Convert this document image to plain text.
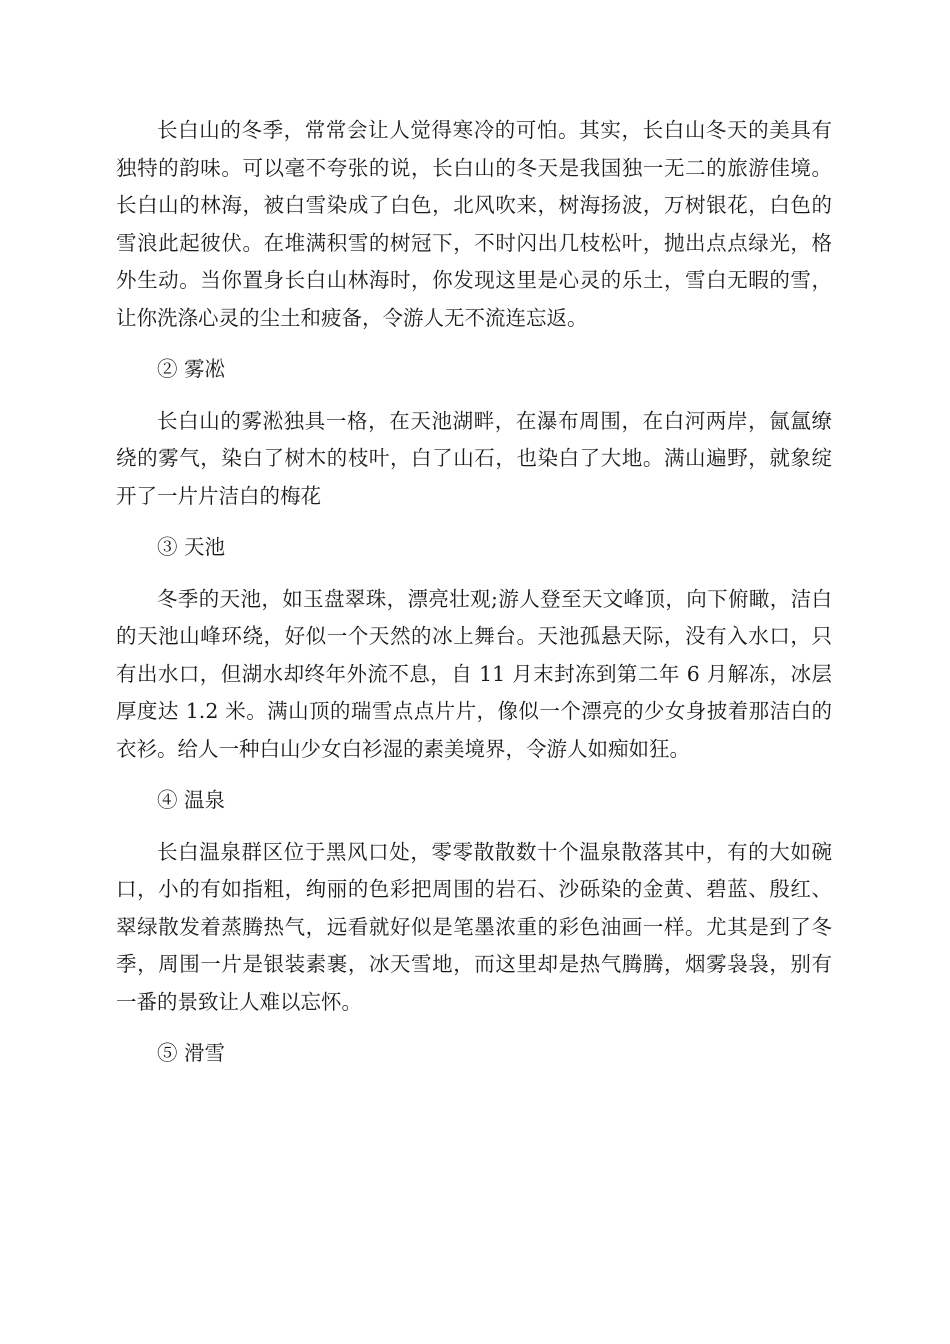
长白山的冬季，常常会让人觉得寒冷的可怕。其实，长白山冬天的美具有独特的韵味。可以毫不夸张的说，长白山的冬天是我国独一无二的旅游佳境。长白山的林海，被白雪染成了白色，北风吹来，树海扬波，万树银花，白色的雪浪此起彼伏。在堆满积雪的树冠下，不时闪出几枝松叶，抛出点点绿光，格外生动。当你置身长白山林海时，你发现这里是心灵的乐土，雪白无暇的雪，让你洗涤心灵的尘土和疲备，令游人无不流连忘返。

② 雾凇

长白山的雾淞独具一格，在天池湖畔，在瀑布周围，在白河两岸，氤氲缭绕的雾气，染白了树木的枝叶，白了山石，也染白了大地。满山遍野，就象绽开了一片片洁白的梅花

③ 天池

冬季的天池，如玉盘翠珠，漂亮壮观;游人登至天文峰顶，向下俯瞰，洁白的天池山峰环绕，好似一个天然的冰上舞台。天池孤悬天际，没有入水口，只有出水口，但湖水却终年外流不息，自 11 月末封冻到第二年 6 月解冻，冰层厚度达 1.2 米。满山顶的瑞雪点点片片，像似一个漂亮的少女身披着那洁白的衣衫。给人一种白山少女白衫湿的素美境界，令游人如痴如狂。

④ 温泉

长白温泉群区位于黑风口处，零零散散数十个温泉散落其中，有的大如碗口，小的有如指粗，绚丽的色彩把周围的岩石、沙砾染的金黄、碧蓝、殷红、翠绿散发着蒸腾热气，远看就好似是笔墨浓重的彩色油画一样。尤其是到了冬季，周围一片是银装素裹，冰天雪地，而这里却是热气腾腾，烟雾袅袅，别有一番的景致让人难以忘怀。

⑤ 滑雪
